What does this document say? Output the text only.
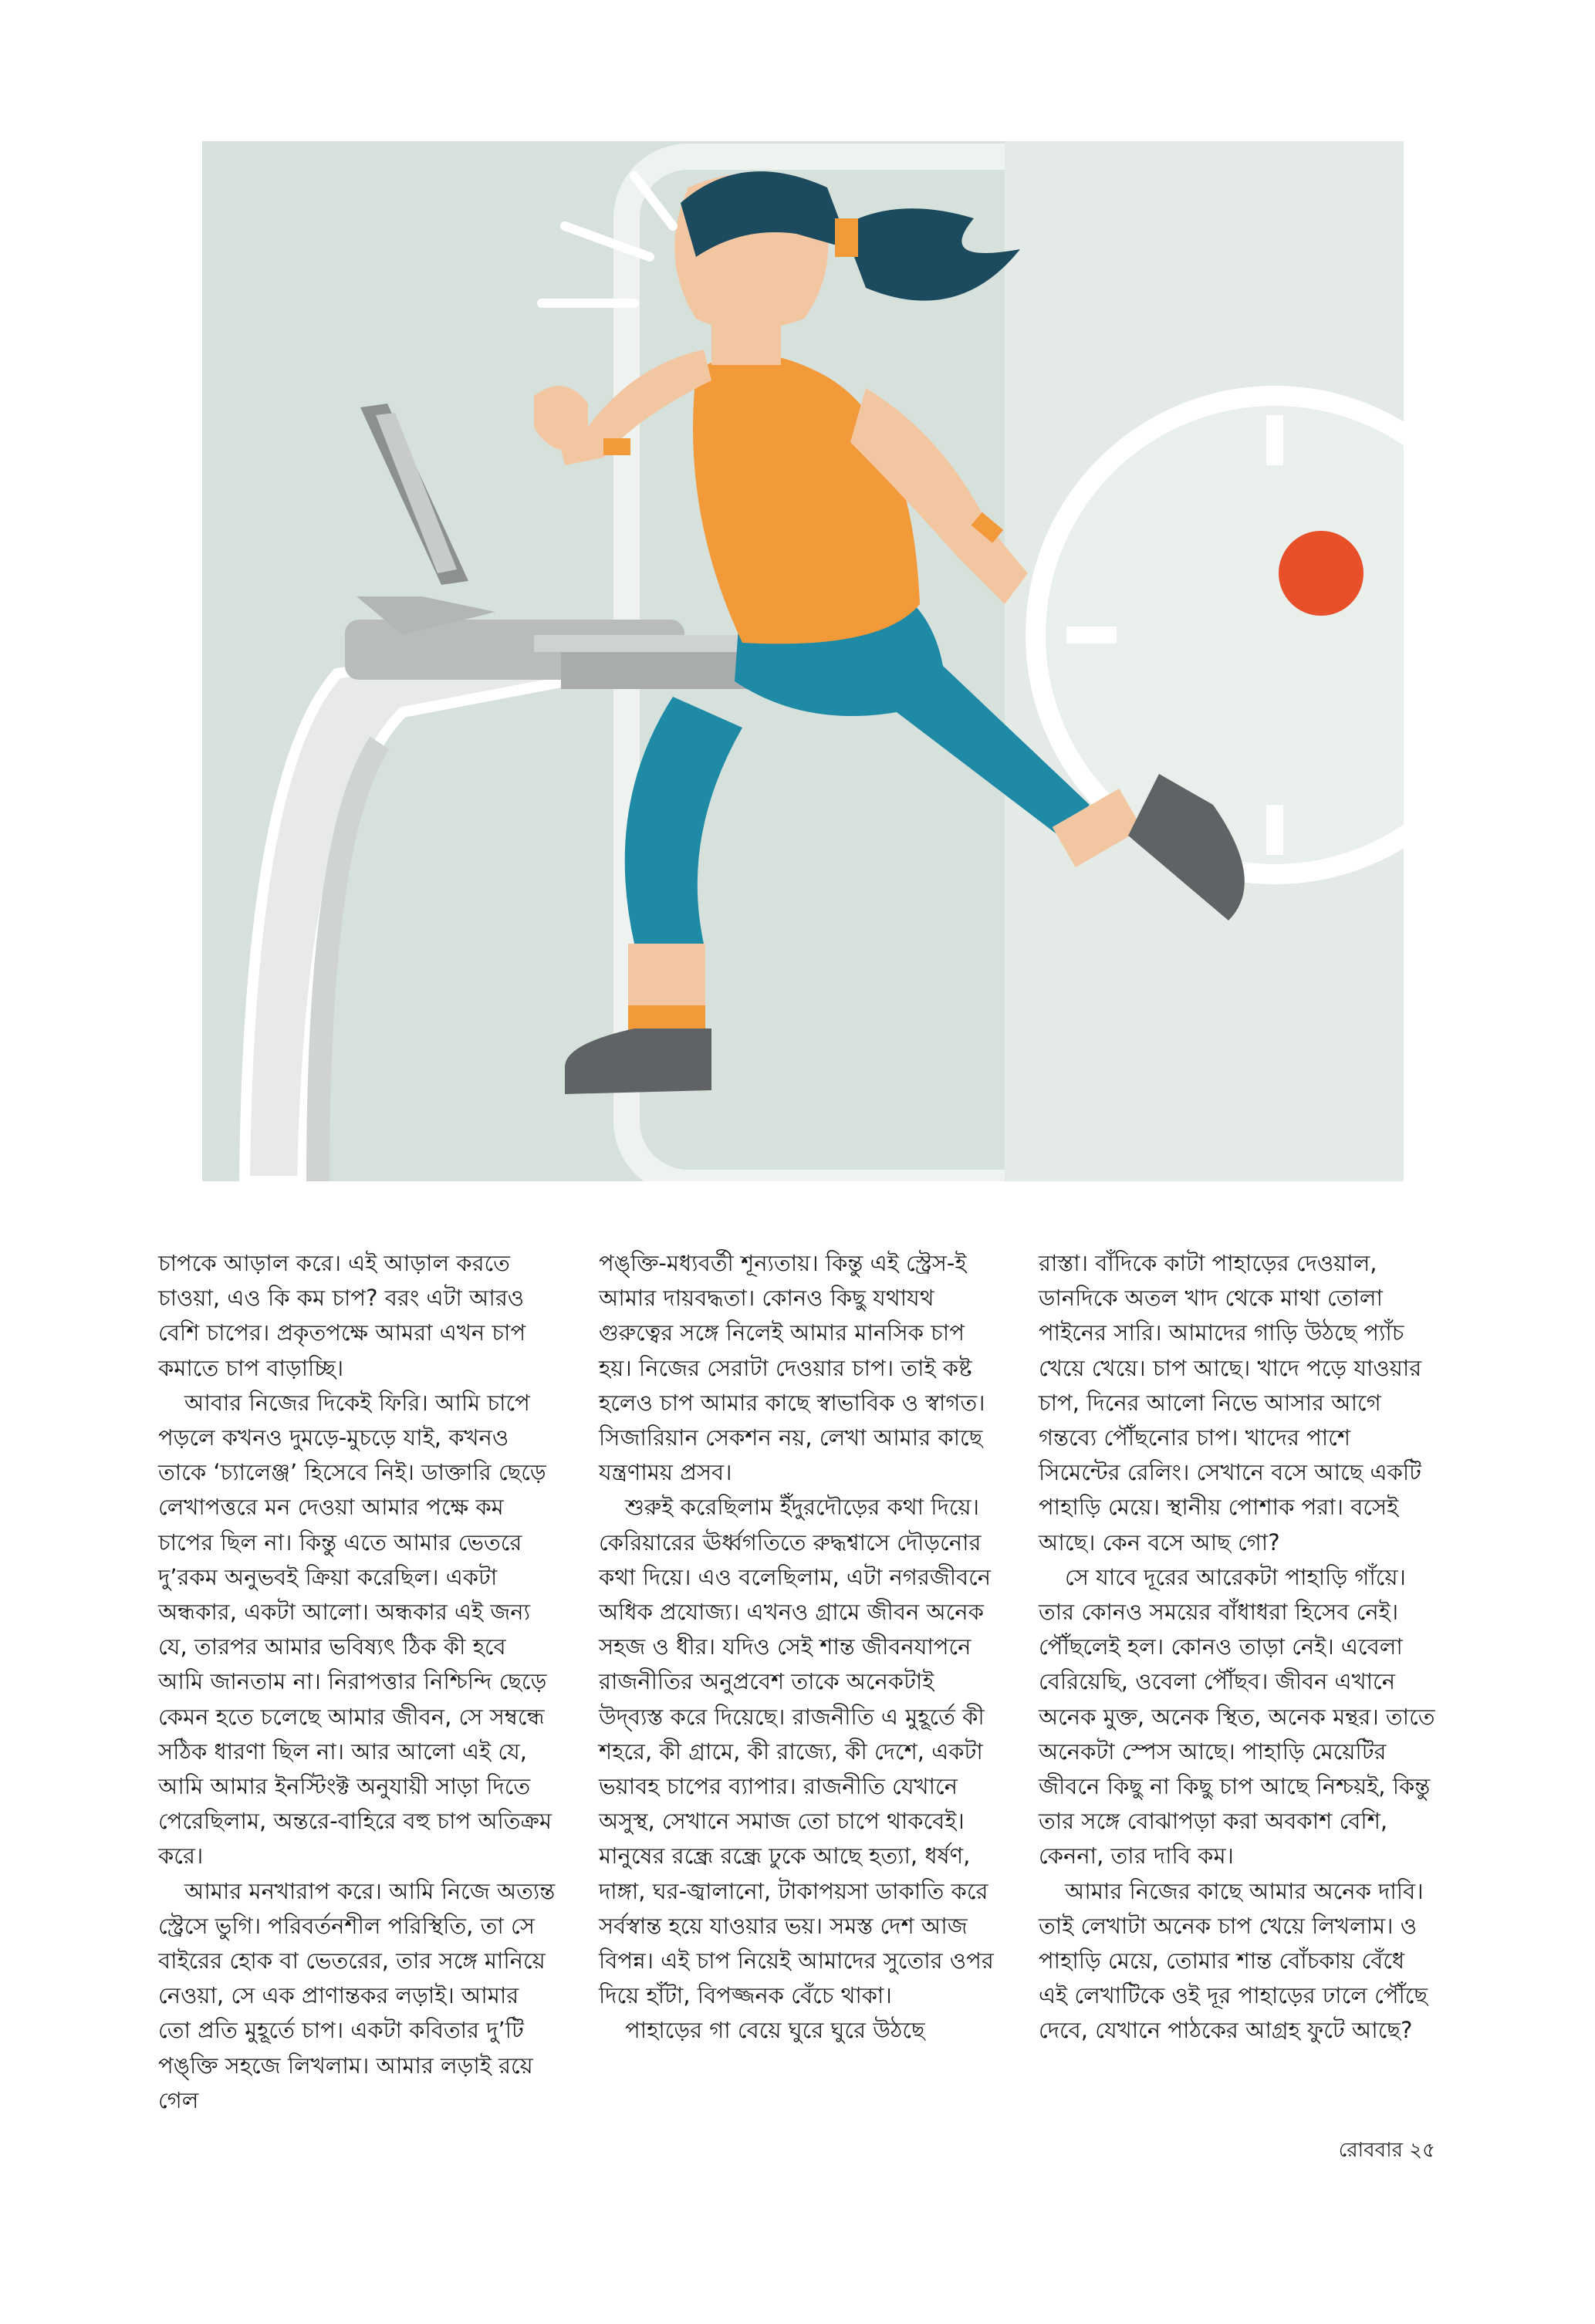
চাপকে আড়াল করে। এই আড়াল করতে চাওয়া, এও কি কম চাপ? বরং এটা আরও বেশি চাপের। প্রকৃতপক্ষে আমরা এখন চাপ কমাতে চাপ বাড়াচ্ছি।

আবার নিজের দিকেই ফিরি। আমি চাপে পড়লে কখনও দুমড়ে-মুচড়ে যাই, কখনও তাকে ‘চ্যালেঞ্জ’ হিসেবে নিই। ডাক্তারি ছেড়ে লেখাপত্তরে মন দেওয়া আমার পক্ষে কম চাপের ছিল না। কিন্তু এতে আমার ভেতরে দু’রকম অনুভবই ক্রিয়া করেছিল। একটা অন্ধকার, একটা আলো। অন্ধকার এই জন্য যে, তারপর আমার ভবিষ্যৎ ঠিক কী হবে আমি জানতাম না। নিরাপত্তার নিশ্চিন্দি ছেড়ে কেমন হতে চলেছে আমার জীবন, সে সম্বন্ধে সঠিক ধারণা ছিল না। আর আলো এই যে, আমি আমার ইনস্টিংক্ট অনুযায়ী সাড়া দিতে পেরেছিলাম, অন্তরে-বাহিরে বহু চাপ অতিক্রম করে।

আমার মনখারাপ করে। আমি নিজে অত্যন্ত স্ট্রেসে ভুগি। পরিবর্তনশীল পরিস্থিতি, তা সে বাইরের হোক বা ভেতরের, তার সঙ্গে মানিয়ে নেওয়া, সে এক প্রাণান্তকর লড়াই। আমার তো প্রতি মুহূর্তে চাপ। একটা কবিতার দু’টি পঙ্‌ক্তি সহজে লিখলাম। আমার লড়াই রয়ে গেল

পঙ্‌ক্তি-মধ্যবর্তী শূন্যতায়। কিন্তু এই স্ট্রেস-ই আমার দায়বদ্ধতা। কোনও কিছু যথাযথ গুরুত্বের সঙ্গে নিলেই আমার মানসিক চাপ হয়। নিজের সেরাটা দেওয়ার চাপ। তাই কষ্ট হলেও চাপ আমার কাছে স্বাভাবিক ও স্বাগত। সিজারিয়ান সেকশন নয়, লেখা আমার কাছে যন্ত্রণাময় প্রসব।

শুরুই করেছিলাম ইঁদুরদৌড়ের কথা দিয়ে। কেরিয়ারের ঊর্ধ্বগতিতে রুদ্ধশ্বাসে দৌড়নোর কথা দিয়ে। এও বলেছিলাম, এটা নগরজীবনে অধিক প্রযোজ্য। এখনও গ্রামে জীবন অনেক সহজ ও ধীর। যদিও সেই শান্ত জীবনযাপনে রাজনীতির অনুপ্রবেশ তাকে অনেকটাই উদ্‌ব্যস্ত করে দিয়েছে। রাজনীতি এ মুহূর্তে কী শহরে, কী গ্রামে, কী রাজ্যে, কী দেশে, একটা ভয়াবহ চাপের ব্যাপার। রাজনীতি যেখানে অসুস্থ, সেখানে সমাজ তো চাপে থাকবেই। মানুষের রন্ধ্রে রন্ধ্রে ঢুকে আছে হত্যা, ধর্ষণ, দাঙ্গা, ঘর-জ্বালানো, টাকাপয়সা ডাকাতি করে সর্বস্বান্ত হয়ে যাওয়ার ভয়। সমস্ত দেশ আজ বিপন্ন। এই চাপ নিয়েই আমাদের সুতোর ওপর দিয়ে হাঁটা, বিপজ্জনক বেঁচে থাকা।

পাহাড়ের গা বেয়ে ঘুরে ঘুরে উঠছে

রাস্তা। বাঁদিকে কাটা পাহাড়ের দেওয়াল, ডানদিকে অতল খাদ থেকে মাথা তোলা পাইনের সারি। আমাদের গাড়ি উঠছে প্যাঁচ খেয়ে খেয়ে। চাপ আছে। খাদে পড়ে যাওয়ার চাপ, দিনের আলো নিভে আসার আগে গন্তব্যে পৌঁছনোর চাপ। খাদের পাশে সিমেন্টের রেলিং। সেখানে বসে আছে একটি পাহাড়ি মেয়ে। স্থানীয় পোশাক পরা। বসেই আছে। কেন বসে আছ গো?

সে যাবে দূরের আরেকটা পাহাড়ি গাঁয়ে। তার কোনও সময়ের বাঁধাধরা হিসেব নেই। পৌঁছলেই হল। কোনও তাড়া নেই। এবেলা বেরিয়েছি, ওবেলা পৌঁছব। জীবন এখানে অনেক মুক্ত, অনেক স্থিত, অনেক মন্থর। তাতে অনেকটা স্পেস আছে। পাহাড়ি মেয়েটির জীবনে কিছু না কিছু চাপ আছে নিশ্চয়ই, কিন্তু তার সঙ্গে বোঝাপড়া করা অবকাশ বেশি, কেননা, তার দাবি কম।

আমার নিজের কাছে আমার অনেক দাবি। তাই লেখাটা অনেক চাপ খেয়ে লিখলাম। ও পাহাড়ি মেয়ে, তোমার শান্ত বোঁচকায় বেঁধে এই লেখাটিকে ওই দূর পাহাড়ের ঢালে পৌঁছে দেবে, যেখানে পাঠকের আগ্রহ ফুটে আছে?

রোববার ২৫
